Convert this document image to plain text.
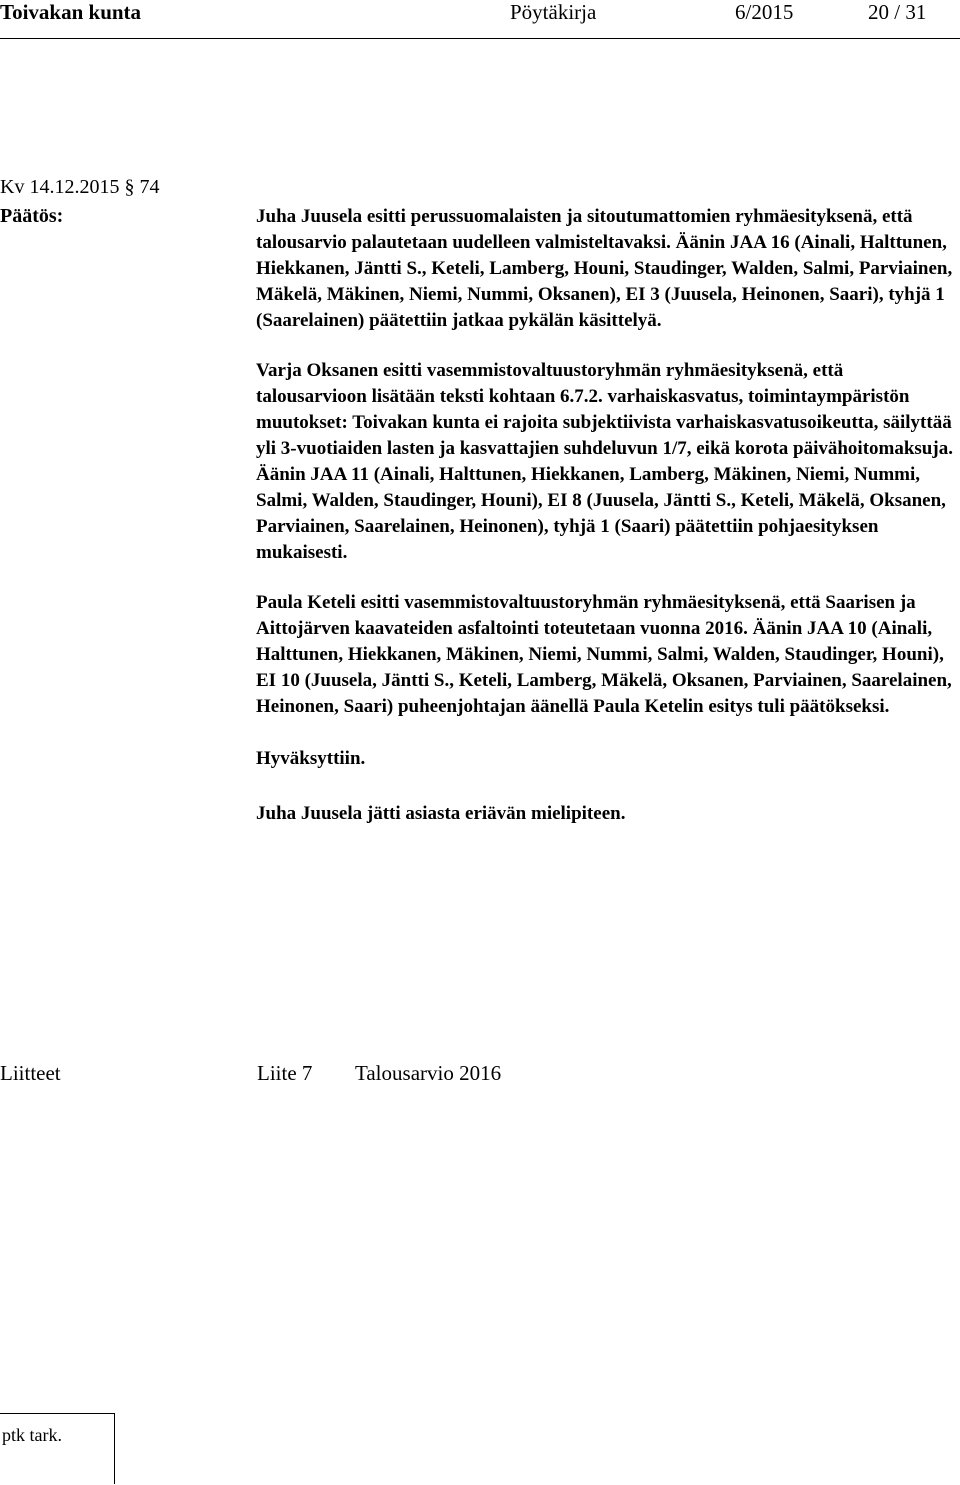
Toivakan kunta	Pöytäkirja	6/2015	20 / 31
Kv 14.12.2015 § 74
Päätös:	Juha Juusela esitti perussuomalaisten ja sitoutumattomien ryhmäesityksenä, että talousarvio palautetaan uudelleen valmisteltavaksi. Äänin JAA 16 (Ainali, Halttunen, Hiekkanen, Jäntti S., Keteli, Lamberg, Houni, Staudinger, Walden, Salmi, Parviainen, Mäkelä, Mäkinen, Niemi, Nummi, Oksanen), EI 3 (Juusela, Heinonen, Saari), tyhjä 1 (Saarelainen) päätettiin jatkaa pykälän käsittelyä.

Varja Oksanen esitti vasemmistovaltuustoryhmän ryhmäesityksenä, että talousarvioon lisätään teksti kohtaan 6.7.2. varhaiskasvatus, toimintaympäristön muutokset: Toivakan kunta ei rajoita subjektiivista varhaiskasvatusoikeutta, säilyttää yli 3-vuotiaiden lasten ja kasvattajien suhdeluvun 1/7, eikä korota päivähoitomaksuja. Äänin JAA 11 (Ainali, Halttunen, Hiekkanen, Lamberg, Mäkinen, Niemi, Nummi, Salmi, Walden, Staudinger, Houni), EI 8 (Juusela, Jäntti S., Keteli, Mäkelä, Oksanen, Parviainen, Saarelainen, Heinonen), tyhjä 1 (Saari) päätettiin pohjaesityksen mukaisesti.

Paula Keteli esitti vasemmistovaltuustoryhmän ryhmäesityksenä, että Saarisen ja Aittojärven kaavateiden asfaltointi toteutetaan vuonna 2016. Äänin JAA 10 (Ainali, Halttunen, Hiekkanen, Mäkinen, Niemi, Nummi, Salmi, Walden, Staudinger, Houni), EI 10 (Juusela, Jäntti S., Keteli, Lamberg, Mäkelä, Oksanen, Parviainen, Saarelainen, Heinonen, Saari) puheenjohtajan äänellä Paula Ketelin esitys tuli päätökseksi.

Hyväksyttiin.

Juha Juusela jätti asiasta eriävän mielipiteen.

Liitteet	Liite 7 Talousarvio 2016
ptk tark.
